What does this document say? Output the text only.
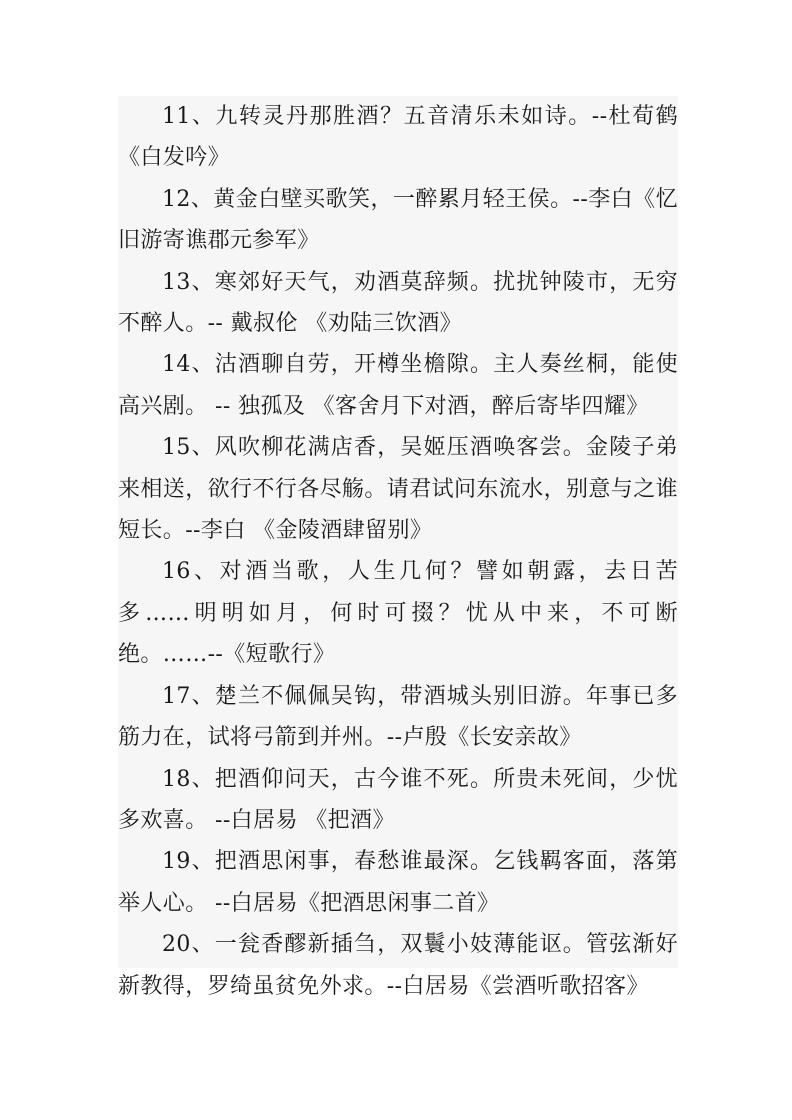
11、九转灵丹那胜酒？五音清乐未如诗。--杜荀鹤《白发吟》

12、黄金白壁买歌笑，一醉累月轻王侯。--李白《忆旧游寄谯郡元参军》

13、寒郊好天气，劝酒莫辞频。扰扰钟陵市，无穷不醉人。-- 戴叔伦 《劝陆三饮酒》

14、沽酒聊自劳，开樽坐檐隙。主人奏丝桐，能使高兴剧。 -- 独孤及 《客舍月下对酒，醉后寄毕四耀》

15、风吹柳花满店香，吴姬压酒唤客尝。金陵子弟来相送，欲行不行各尽觞。请君试问东流水，别意与之谁短长。--李白 《金陵酒肆留别》

16、对酒当歌，人生几何？譬如朝露，去日苦多……明明如月，何时可掇？忧从中来，不可断绝。……--《短歌行》

17、楚兰不佩佩吴钩，带酒城头别旧游。年事已多筋力在，试将弓箭到并州。--卢殷《长安亲故》

18、把酒仰问天，古今谁不死。所贵未死间，少忧多欢喜。 --白居易 《把酒》

19、把酒思闲事，春愁谁最深。乞钱羁客面，落第举人心。 --白居易《把酒思闲事二首》

20、一瓮香醪新插刍，双鬟小妓薄能讴。管弦渐好新教得，罗绮虽贫免外求。--白居易《尝酒听歌招客》
